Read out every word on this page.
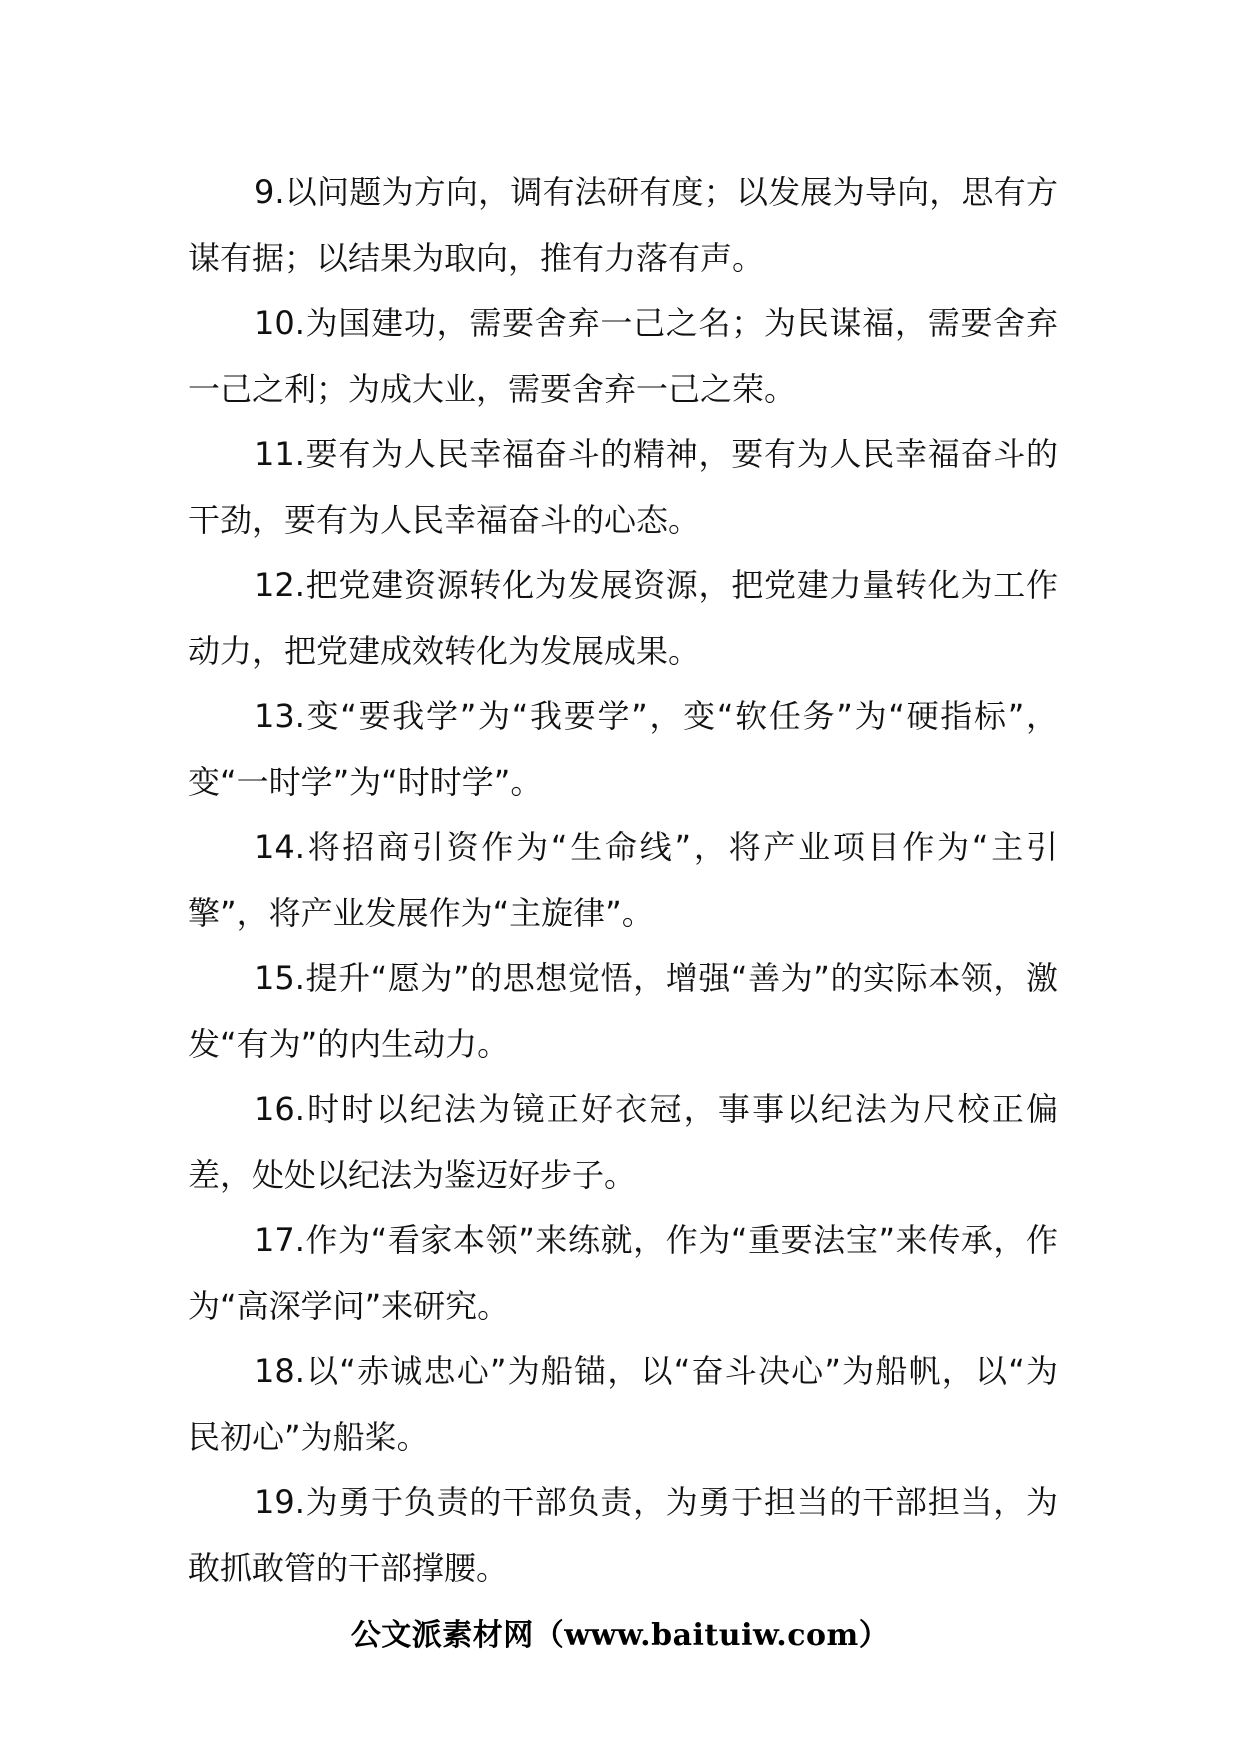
9.以问题为方向，调有法研有度；以发展为导向，思有方谋有据；以结果为取向，推有力落有声。

10.为国建功，需要舍弃一己之名；为民谋福，需要舍弃一己之利；为成大业，需要舍弃一己之荣。

11.要有为人民幸福奋斗的精神，要有为人民幸福奋斗的干劲，要有为人民幸福奋斗的心态。

12.把党建资源转化为发展资源，把党建力量转化为工作动力，把党建成效转化为发展成果。

13.变“要我学”为“我要学”，变“软任务”为“硬指标”，变“一时学”为“时时学”。

14.将招商引资作为“生命线”，将产业项目作为“主引擎”，将产业发展作为“主旋律”。

15.提升“愿为”的思想觉悟，增强“善为”的实际本领，激发“有为”的内生动力。

16.时时以纪法为镜正好衣冠，事事以纪法为尺校正偏差，处处以纪法为鉴迈好步子。

17.作为“看家本领”来练就，作为“重要法宝”来传承，作为“高深学问”来研究。

18.以“赤诚忠心”为船锚，以“奋斗决心”为船帆，以“为民初心”为船桨。

19.为勇于负责的干部负责，为勇于担当的干部担当，为敢抓敢管的干部撑腰。

公文派素材网（www.baituiw.com）
